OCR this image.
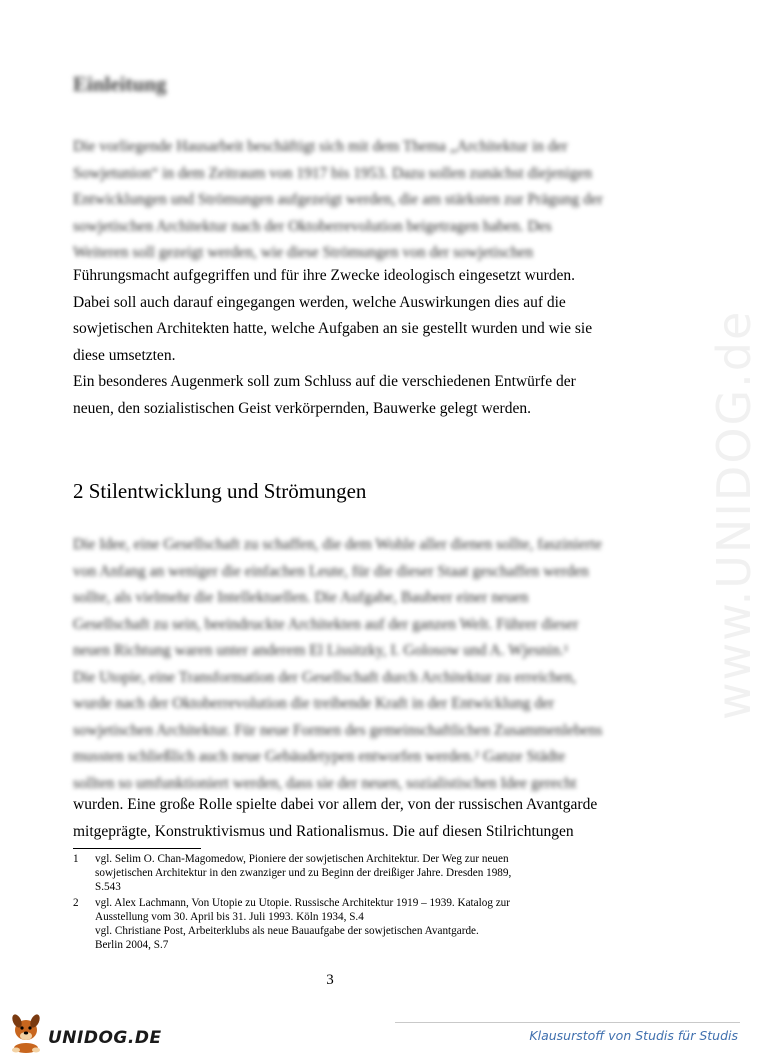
Einleitung
Die vorliegende Hausarbeit beschäftigt sich mit dem Thema „Architektur in der
Sowjetunion“ in dem Zeitraum von 1917 bis 1953. Dazu sollen zunächst diejenigen
Entwicklungen und Strömungen aufgezeigt werden, die am stärksten zur Prägung der
sowjetischen Architektur nach der Oktoberrevolution beigetragen haben. Des
Weiteren soll gezeigt werden, wie diese Strömungen von der sowjetischen
Führungsmacht aufgegriffen und für ihre Zwecke ideologisch eingesetzt wurden.
Dabei soll auch darauf eingegangen werden, welche Auswirkungen dies auf die
sowjetischen Architekten hatte, welche Aufgaben an sie gestellt wurden und wie sie
diese umsetzten.
Ein besonderes Augenmerk soll zum Schluss auf die verschiedenen Entwürfe der
neuen, den sozialistischen Geist verkörpernden, Bauwerke gelegt werden.
2 Stilentwicklung und Strömungen
Die Idee, eine Gesellschaft zu schaffen, die dem Wohle aller dienen sollte, faszinierte
von Anfang an weniger die einfachen Leute, für die dieser Staat geschaffen werden
sollte, als vielmehr die Intellektuellen. Die Aufgabe, Baubeer einer neuen
Gesellschaft zu sein, beeindruckte Architekten auf der ganzen Welt. Führer dieser
neuen Richtung waren unter anderem El Lissitzky, I. Golosow und A. Wjesnin.¹
Die Utopie, eine Transformation der Gesellschaft durch Architektur zu erreichen,
wurde nach der Oktoberrevolution die treibende Kraft in der Entwicklung der
sowjetischen Architektur. Für neue Formen des gemeinschaftlichen Zusammenlebens
mussten schließlich auch neue Gebäudetypen entworfen werden.² Ganze Städte
sollten so umfunktioniert werden, dass sie der neuen, sozialistischen Idee gerecht
wurden. Eine große Rolle spielte dabei vor allem der, von der russischen Avantgarde
mitgeprägte, Konstruktivismus und Rationalismus. Die auf diesen Stilrichtungen
1 vgl. Selim O. Chan-Magomedow, Pioniere der sowjetischen Architektur. Der Weg zur neuen
sowjetischen Architektur in den zwanziger und zu Beginn der dreißiger Jahre. Dresden 1989,
S.543
2 vgl. Alex Lachmann, Von Utopie zu Utopie. Russische Architektur 1919 – 1939. Katalog zur
Ausstellung vom 30. April bis 31. Juli 1993. Köln 1934, S.4
vgl. Christiane Post, Arbeiterklubs als neue Bauaufgabe der sowjetischen Avantgarde.
Berlin 2004, S.7
3
www.UNIDOG.de
UNIDOG.DE	Klausurstoff von Studis für Studis
